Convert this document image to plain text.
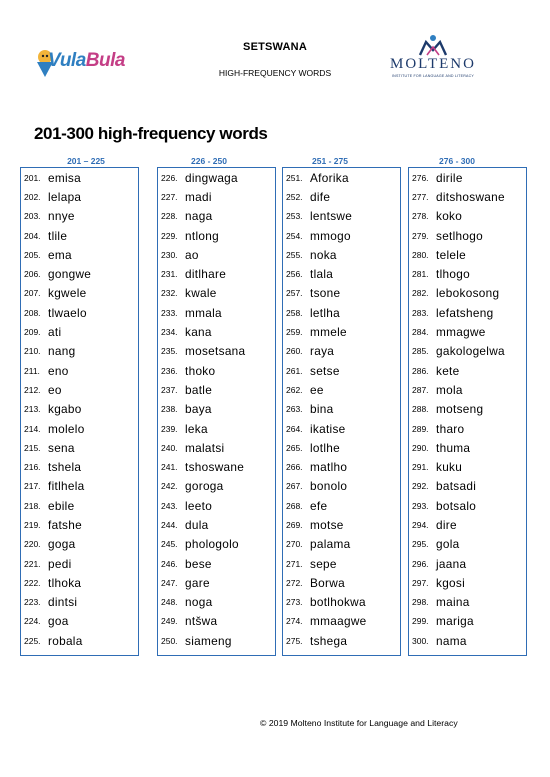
VulaBula
SETSWANA
HIGH-FREQUENCY WORDS
MOLTENO
INSTITUTE FOR LANGUAGE AND LITERACY
201-300 high-frequency words
201 – 225	226 - 250	251 - 275	276 - 300
201. emisa
202. lelapa
203. nnye
204. tlile
205. ema
206. gongwe
207. kgwele
208. tlwaelo
209. ati
210. nang
211. eno
212. eo
213. kgabo
214. molelo
215. sena
216. tshela
217. fitlhela
218. ebile
219. fatshe
220. goga
221. pedi
222. tlhoka
223. dintsi
224. goa
225. robala
226. dingwaga
227. madi
228. naga
229. ntlong
230. ao
231. ditlhare
232. kwale
233. mmala
234. kana
235. mosetsana
236. thoko
237. batle
238. baya
239. leka
240. malatsi
241. tshoswane
242. goroga
243. leeto
244. dula
245. phologolo
246. bese
247. gare
248. noga
249. ntšwa
250. siameng
251. Aforika
252. dife
253. lentswe
254. mmogo
255. noka
256. tlala
257. tsone
258. letlha
259. mmele
260. raya
261. setse
262. ee
263. bina
264. ikatise
265. lotlhe
266. matlho
267. bonolo
268. efe
269. motse
270. palama
271. sepe
272. Borwa
273. botlhokwa
274. mmaagwe
275. tshega
276. dirile
277. ditshoswane
278. koko
279. setlhogo
280. telele
281. tlhogo
282. lebokosong
283. lefatsheng
284. mmagwe
285. gakologelwa
286. kete
287. mola
288. motseng
289. tharo
290. thuma
291. kuku
292. batsadi
293. botsalo
294. dire
295. gola
296. jaana
297. kgosi
298. maina
299. mariga
300. nama
© 2019 Molteno Institute for Language and Literacy
